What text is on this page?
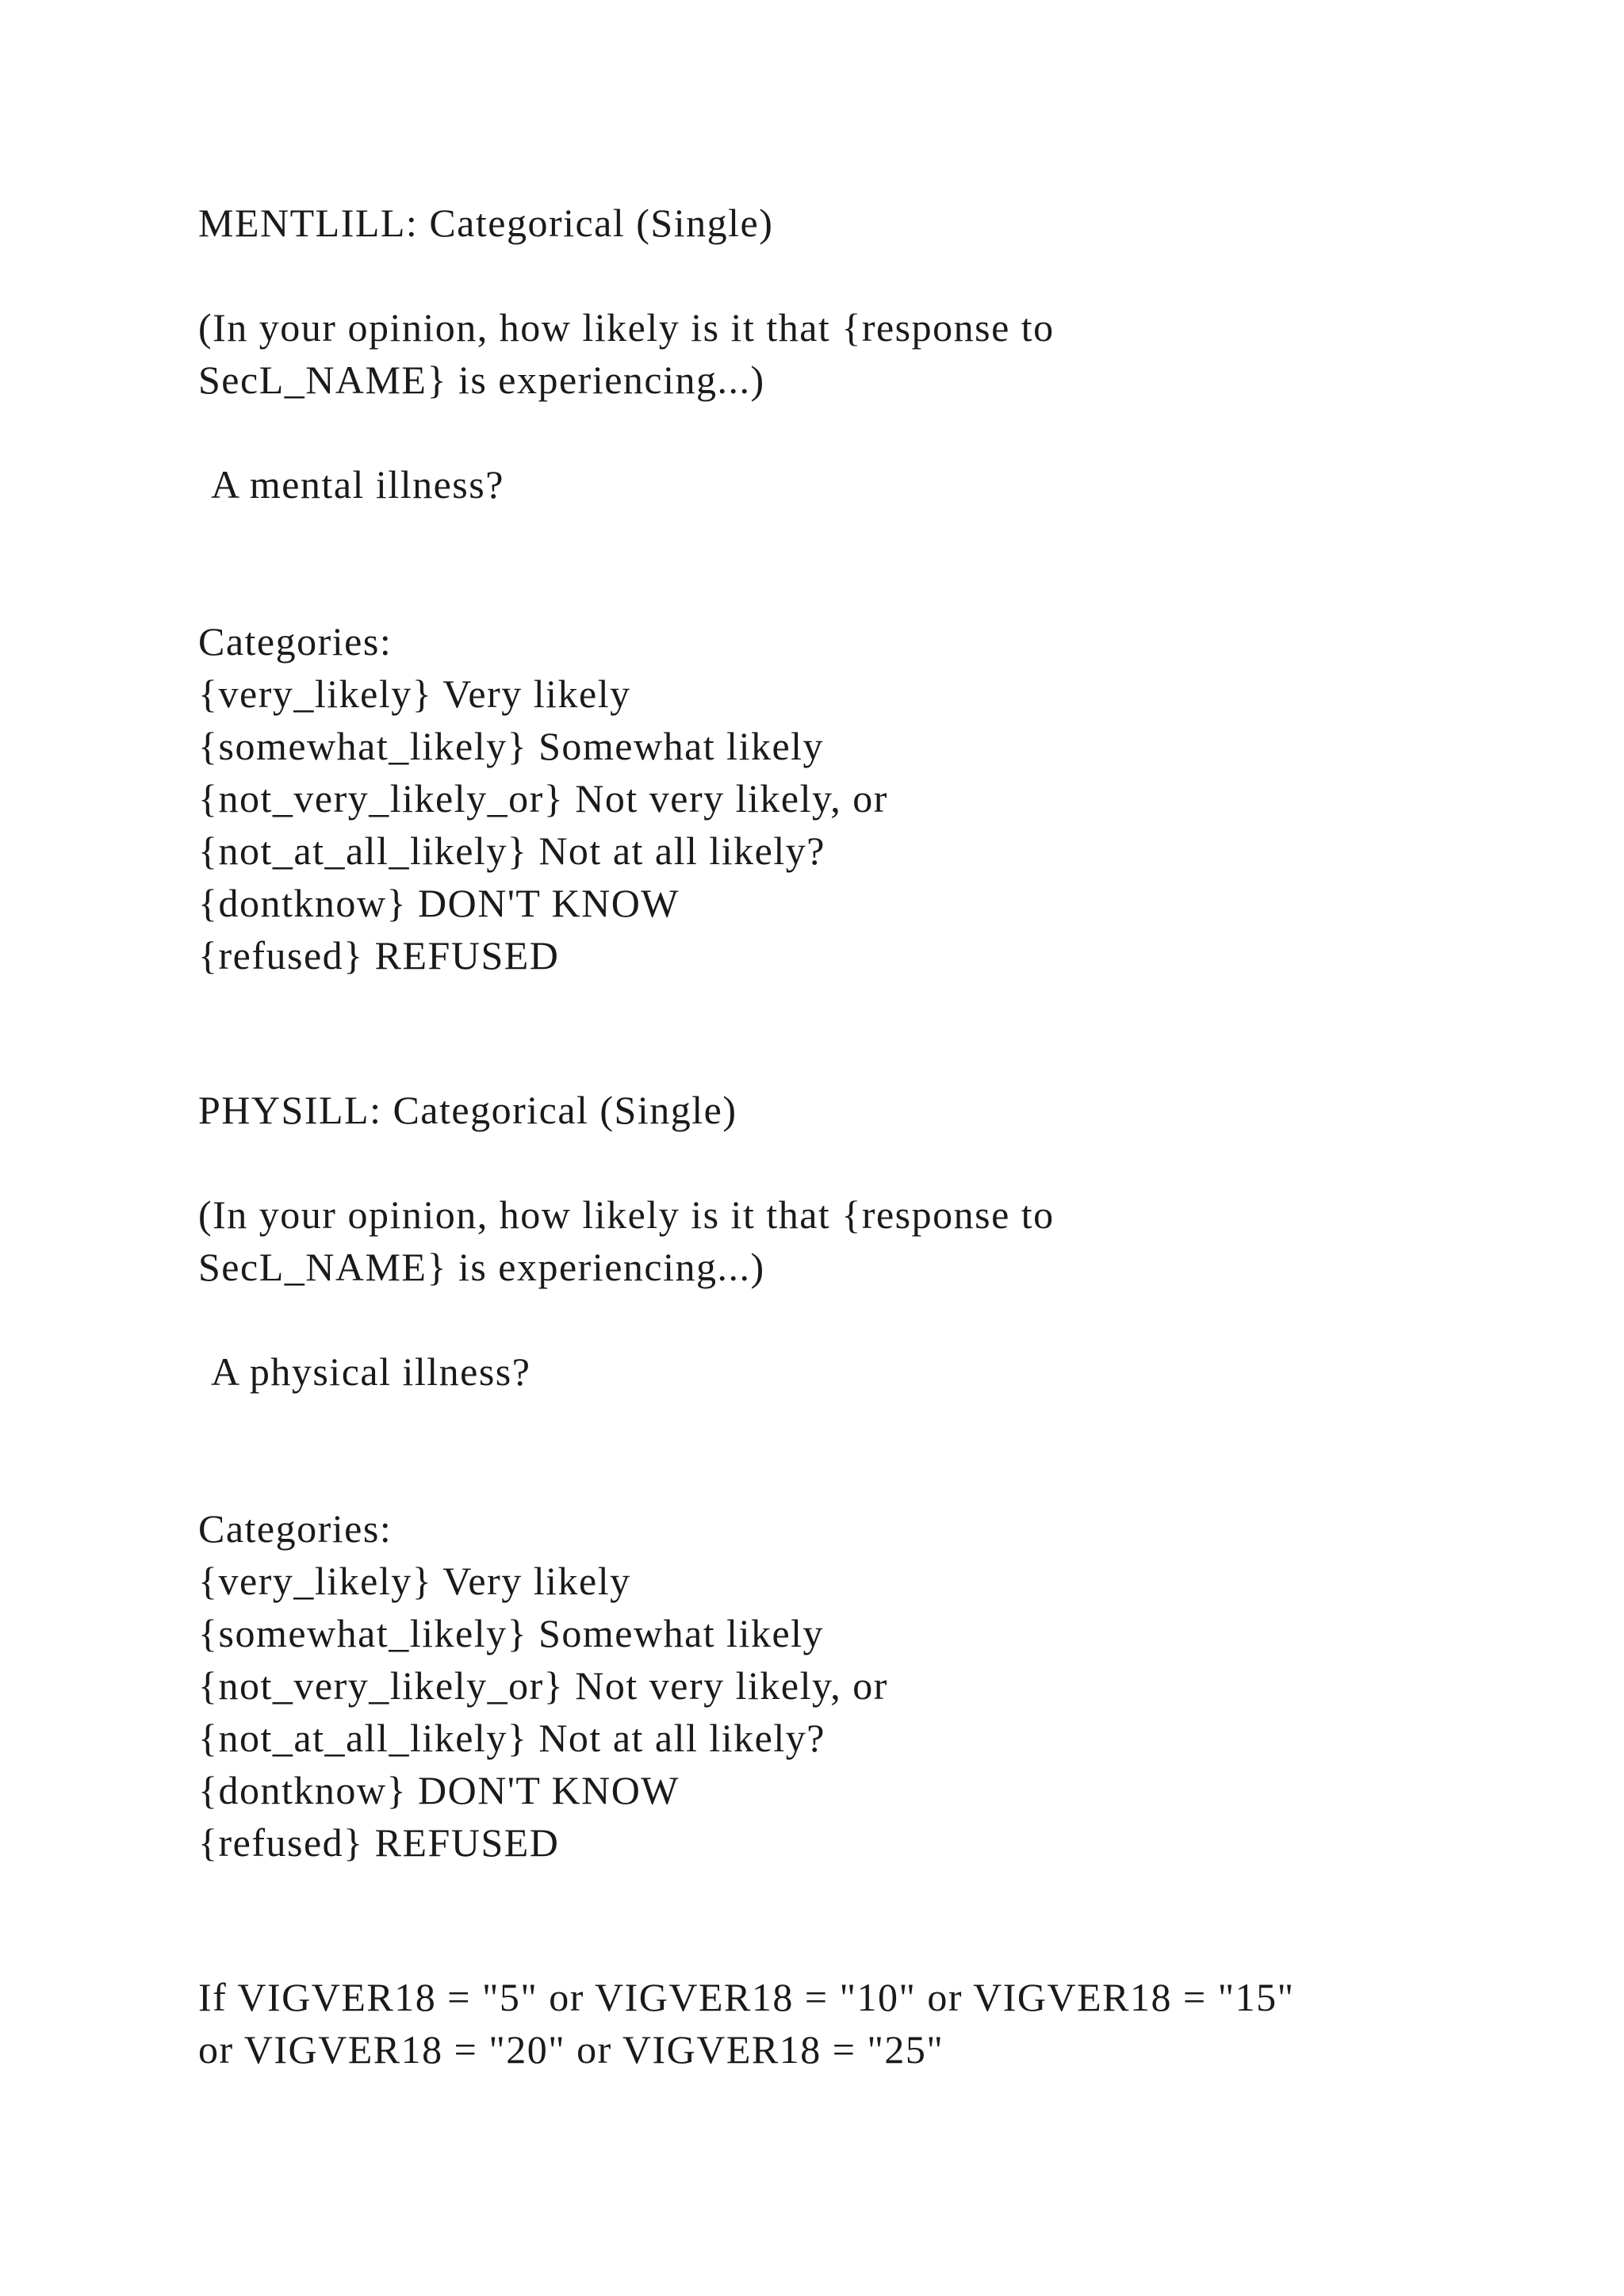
MENTLILL: Categorical (Single)
(In your opinion, how likely is it that {response to
SecL_NAME} is experiencing...)
A mental illness?
Categories:
{very_likely} Very likely
{somewhat_likely} Somewhat likely
{not_very_likely_or} Not very likely, or
{not_at_all_likely} Not at all likely?
{dontknow} DON'T KNOW
{refused} REFUSED
PHYSILL: Categorical (Single)
(In your opinion, how likely is it that {response to
SecL_NAME} is experiencing...)
A physical illness?
Categories:
{very_likely} Very likely
{somewhat_likely} Somewhat likely
{not_very_likely_or} Not very likely, or
{not_at_all_likely} Not at all likely?
{dontknow} DON'T KNOW
{refused} REFUSED
If VIGVER18 = "5" or VIGVER18 = "10" or VIGVER18 = "15"
or VIGVER18 = "20" or VIGVER18 = "25"
